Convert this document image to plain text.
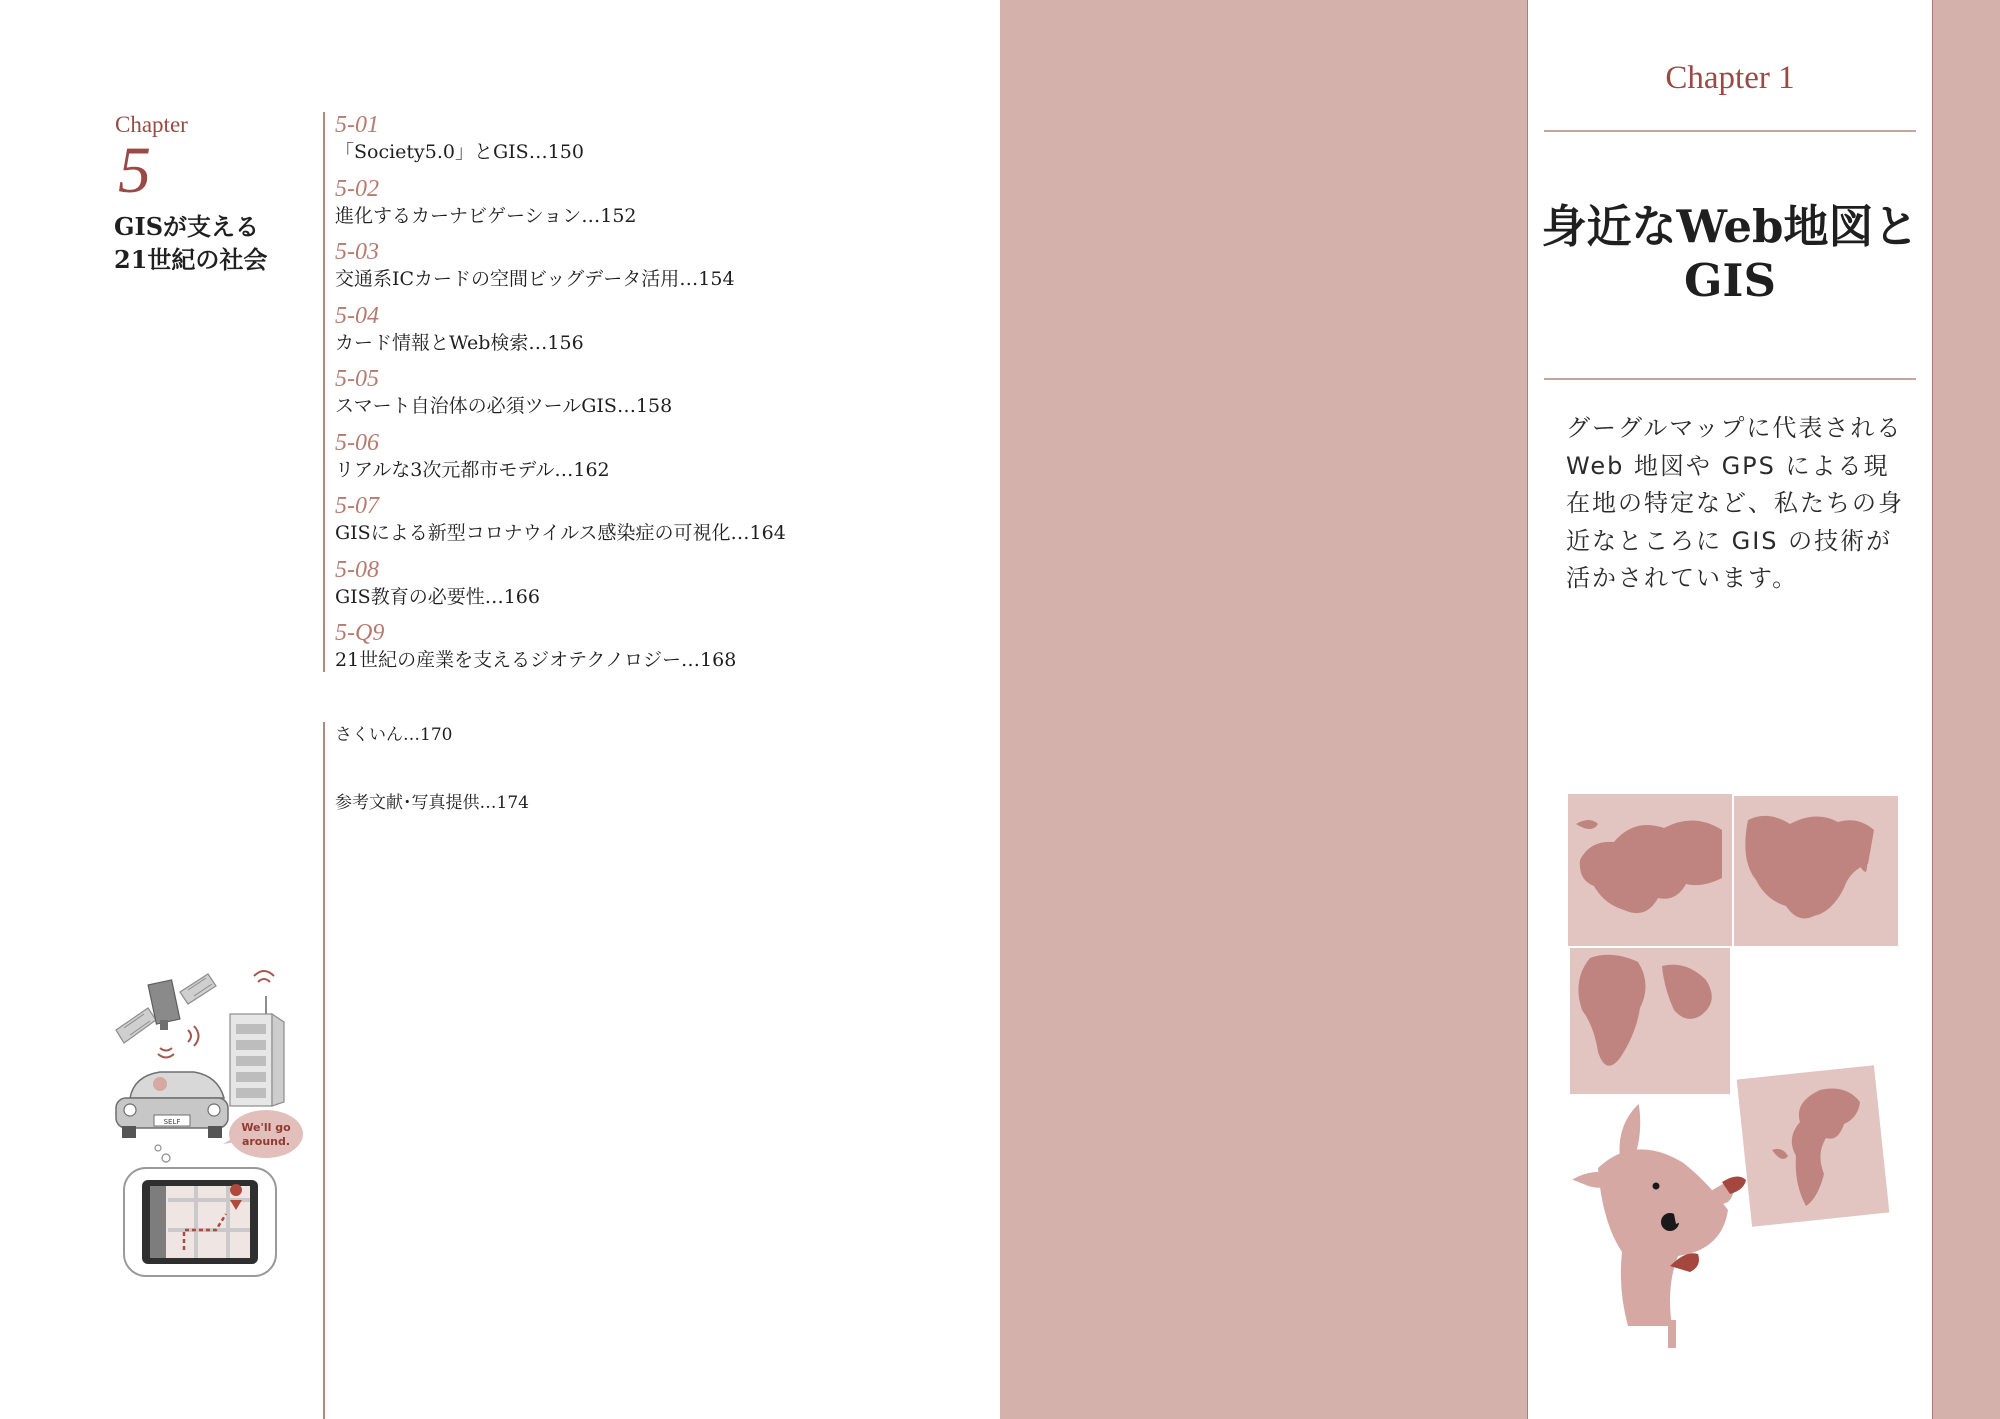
Chapter
5
GISが支える
21世紀の社会
5-01
「Society5.0」とGIS…150
5-02
進化するカーナビゲーション…152
5-03
交通系ICカードの空間ビッグデータ活用…154
5-04
カード情報とWeb検索…156
5-05
スマート自治体の必須ツールGIS…158
5-06
リアルな3次元都市モデル…162
5-07
GISによる新型コロナウイルス感染症の可視化…164
5-08
GIS教育の必要性…166
5-Q9
21世紀の産業を支えるジオテクノロジー…168
さくいん…170
参考文献･写真提供…174
SELF	We'll go
around.
Chapter 1
身近なWeb地図と
GIS
グーグルマップに代表される
Web 地図や GPS による現
在地の特定など、私たちの身
近なところに GIS の技術が
活かされています。
